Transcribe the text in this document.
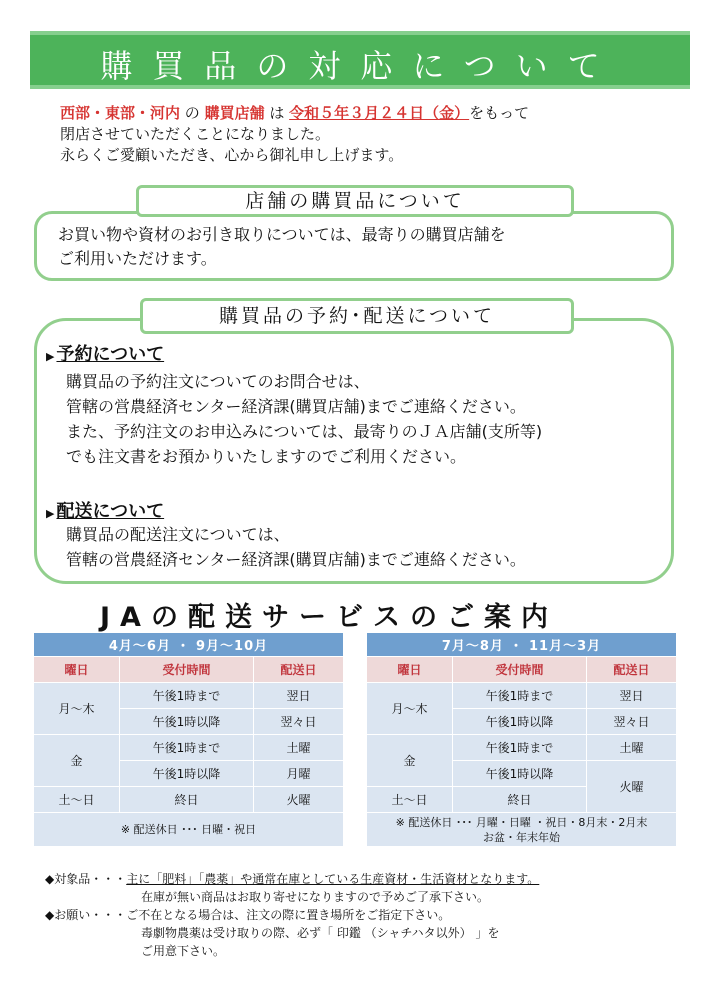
購買品の対応について
西部・東部・河内 の 購買店舗 は 令和５年３月２４日（金）をもって
閉店させていただくことになりました。
永らくご愛顧いただき、心から御礼申し上げます。
店舗の購買品について
お買い物や資材のお引き取りについては、最寄りの購買店舗を
ご利用いただけます。
購買品の予約･配送について
▶ 予約について
購買品の予約注文についてのお問合せは、
管轄の営農経済センター経済課(購買店舗)までご連絡ください。
また、予約注文のお申込みについては、最寄りのＪＡ店舗(支所等)
でも注文書をお預かりいたしますのでご利用ください。
▶ 配送について
購買品の配送注文については、
管轄の営農経済センター経済課(購買店舗)までご連絡ください。
JAの配送サービスのご案内
4月～6月 ・ 9月～10月		
曜日	受付時間	配送日
月～木	午後1時まで	翌日
	午後1時以降	翌々日
金	午後1時まで	土曜
	午後1時以降	月曜
土～日	終日	火曜
※ 配送休日 ･･･ 日曜・祝日		
7月～8月 ・ 11月～3月		
曜日	受付時間	配送日
月～木	午後1時まで	翌日
	午後1時以降	翌々日
金	午後1時まで	土曜
	午後1時以降	火曜
土～日	終日	

※ 配送休日 ･･･ 月曜・日曜 ・祝日・8月末・2月末
お盆・年末年始		
◆対象品・・・主に「肥料」「農薬」や通常在庫としている生産資材・生活資材となります。
在庫が無い商品はお取り寄せになりますので予めご了承下さい。
◆お願い・・・ご不在となる場合は、注文の際に置き場所をご指定下さい。
毒劇物農薬は受け取りの際、必ず「 印鑑 （シャチハタ以外） 」を
ご用意下さい。
